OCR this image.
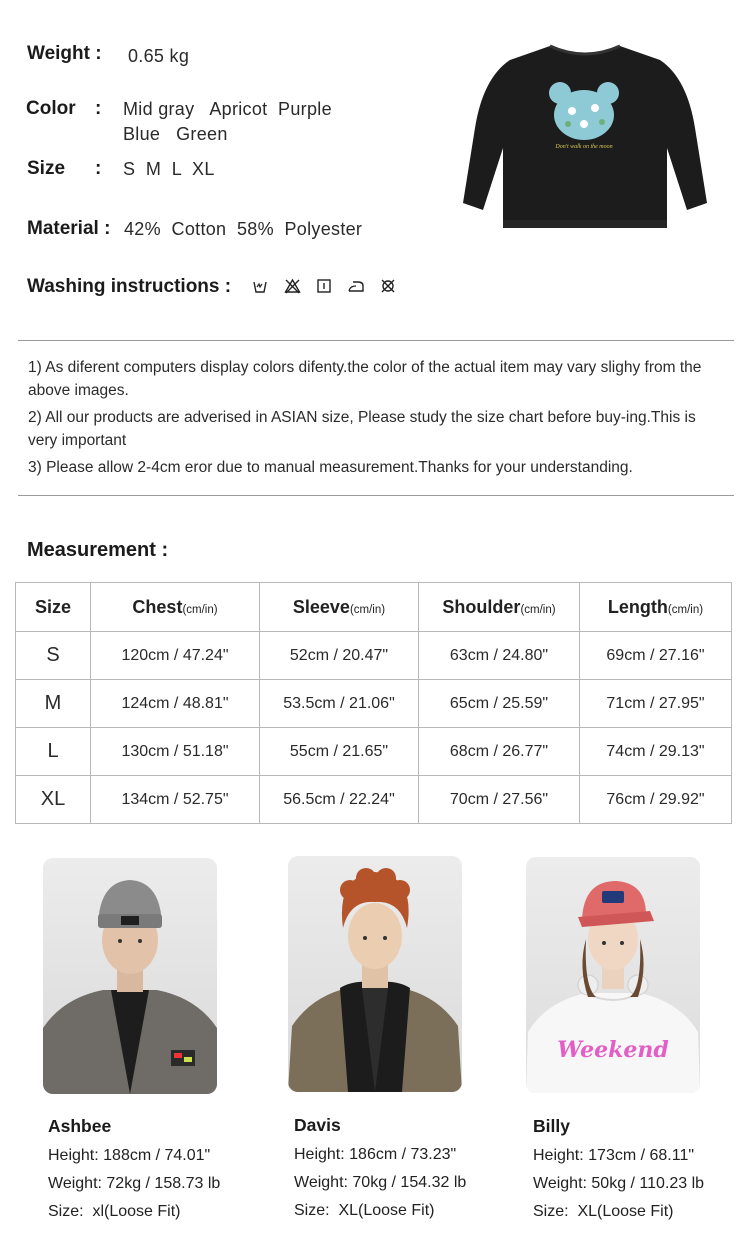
Weight : 0.65 kg
Color : Mid gray   Apricot  Purple
Blue   Green
Size : S  M  L  XL
Material : 42%  Cotton  58%  Polyester
Washing instructions :
Don't walk on the moon

1) As diferent computers display colors difenty.the color of the actual item may vary slighy from the above images.

2) All our products are adverised in ASIAN size, Please study the size chart before buy-ing.This is very important

3) Please allow 2-4cm eror due to manual measurement.Thanks for your understanding.

Measurement :
Size	Chest(cm/in)	Sleeve(cm/in)	Shoulder(cm/in)	Length(cm/in)
S	120cm / 47.24"	52cm / 20.47"	63cm / 24.80"	69cm / 27.16"
M	124cm / 48.81"	53.5cm / 21.06"	65cm / 25.59"	71cm / 27.95"
L	130cm / 51.18"	55cm / 21.65"	68cm / 26.77"	74cm / 29.13"
XL	134cm / 52.75"	56.5cm / 22.24"	70cm / 27.56"	76cm / 29.92"
Ashbee
Height: 188cm / 74.01"
Weight: 72kg / 158.73 lb
Size:  xl(Loose Fit)
Davis
Height: 186cm / 73.23"
Weight: 70kg / 154.32 lb
Size:  XL(Loose Fit)
Weekend
Billy
Height: 173cm / 68.11"
Weight: 50kg / 110.23 lb
Size:  XL(Loose Fit)
